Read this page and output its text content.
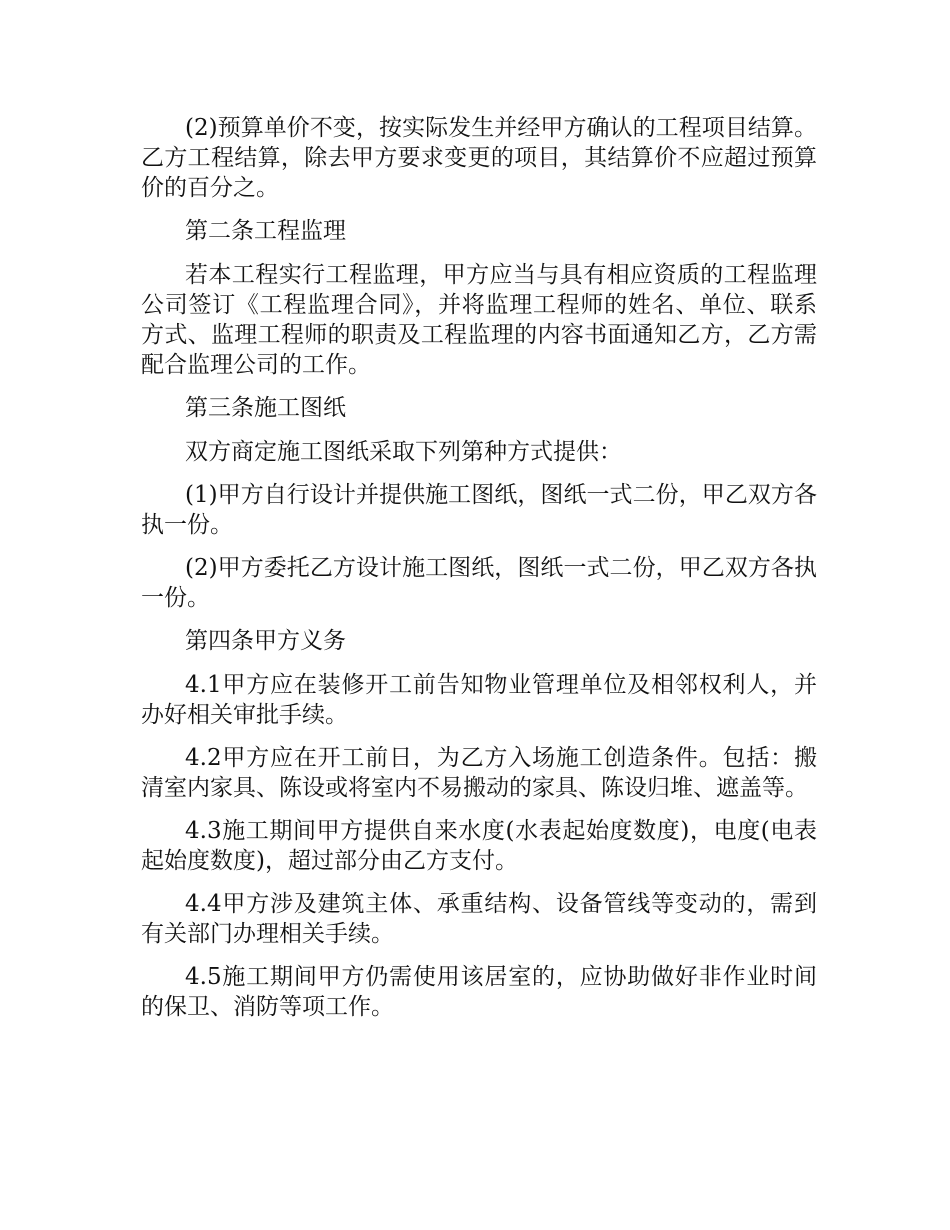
(2)预算单价不变，按实际发生并经甲方确认的工程项目结算。乙方工程结算，除去甲方要求变更的项目，其结算价不应超过预算价的百分之。

第二条工程监理

若本工程实行工程监理，甲方应当与具有相应资质的工程监理公司签订《工程监理合同》，并将监理工程师的姓名、单位、联系方式、监理工程师的职责及工程监理的内容书面通知乙方，乙方需配合监理公司的工作。

第三条施工图纸

双方商定施工图纸采取下列第种方式提供：

(1)甲方自行设计并提供施工图纸，图纸一式二份，甲乙双方各执一份。

(2)甲方委托乙方设计施工图纸，图纸一式二份，甲乙双方各执一份。

第四条甲方义务

4.1甲方应在装修开工前告知物业管理单位及相邻权利人，并办好相关审批手续。

4.2甲方应在开工前日，为乙方入场施工创造条件。包括：搬清室内家具、陈设或将室内不易搬动的家具、陈设归堆、遮盖等。

4.3施工期间甲方提供自来水度(水表起始度数度)，电度(电表起始度数度)，超过部分由乙方支付。

4.4甲方涉及建筑主体、承重结构、设备管线等变动的，需到有关部门办理相关手续。

4.5施工期间甲方仍需使用该居室的，应协助做好非作业时间的保卫、消防等项工作。
